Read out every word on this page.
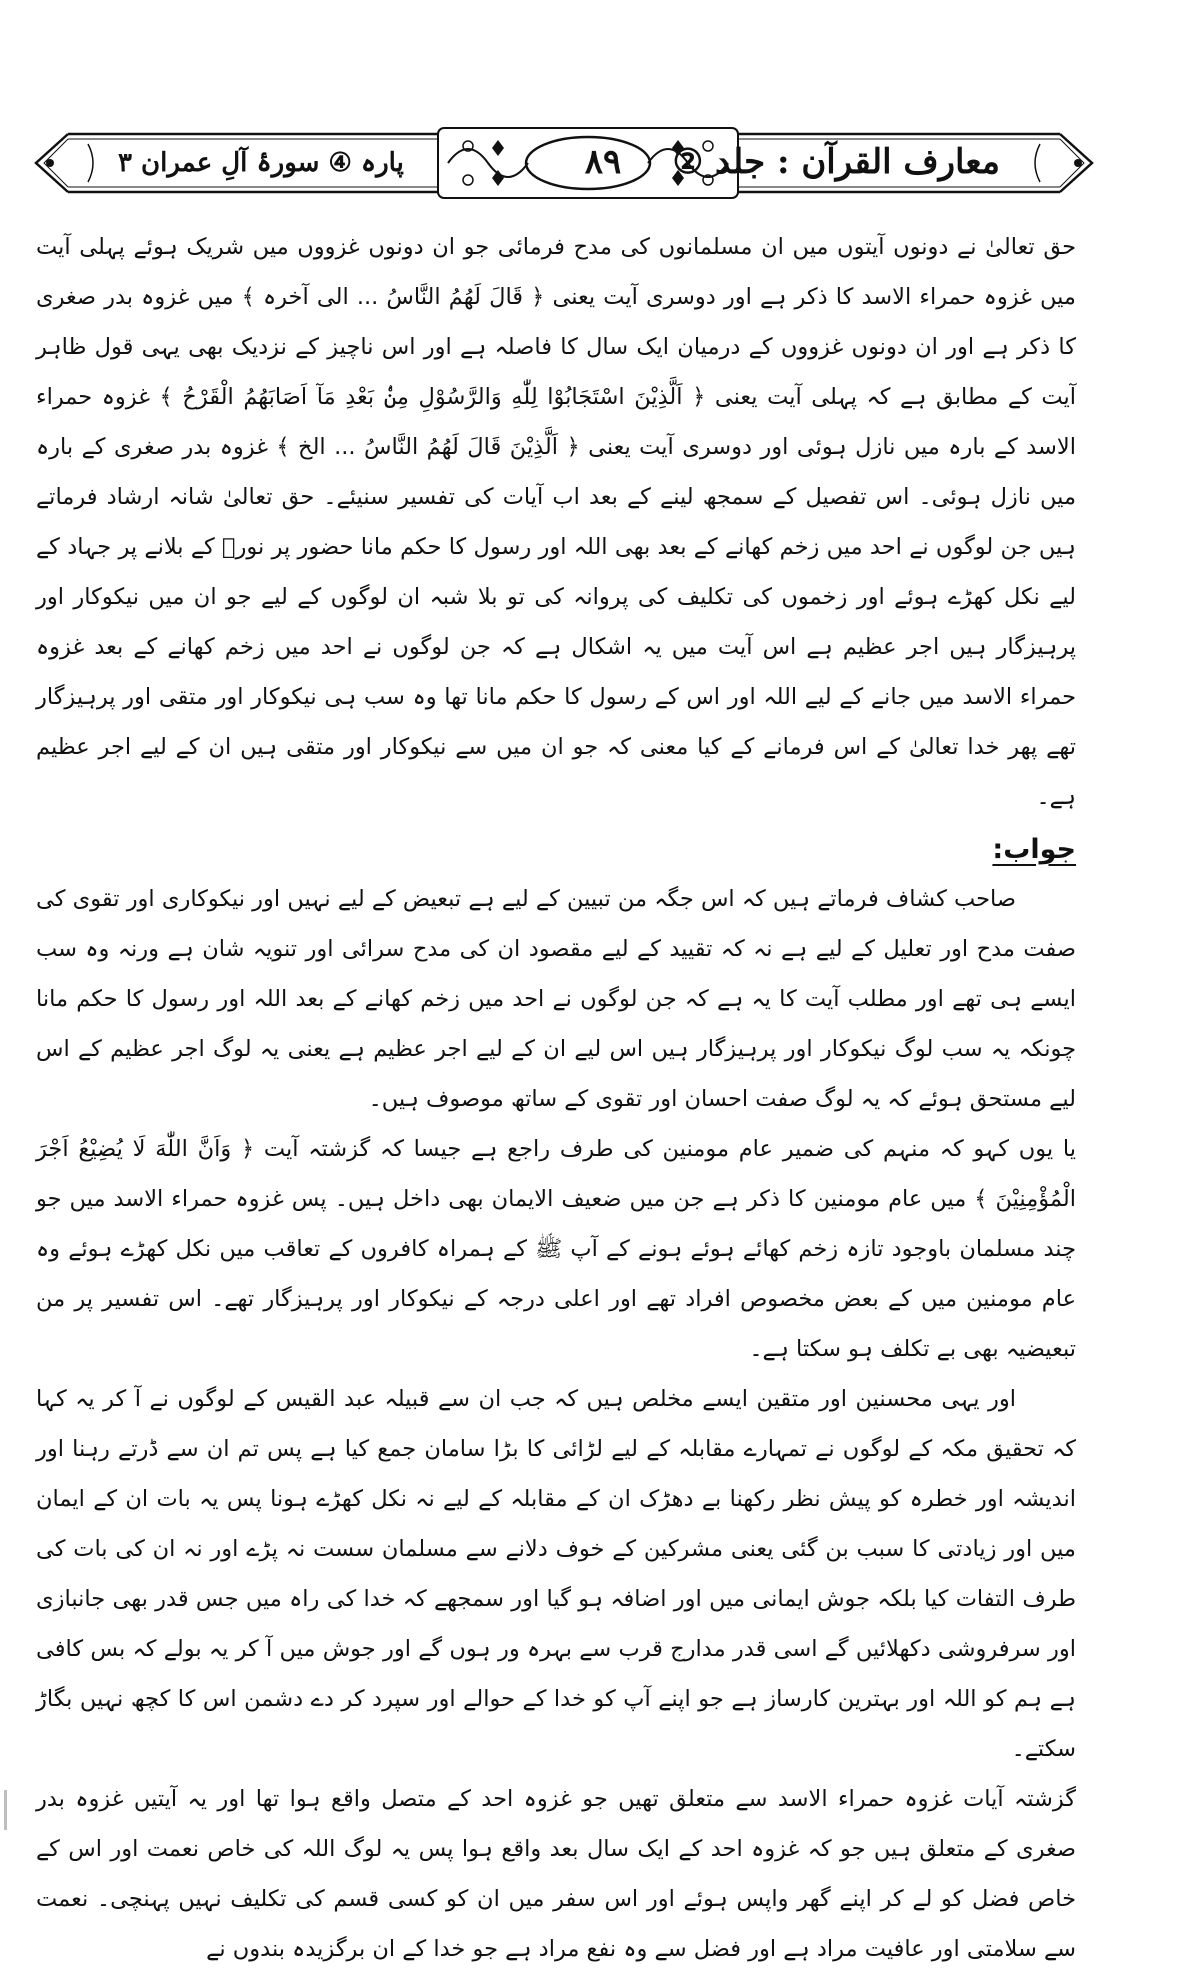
معارف القرآن : جلد ②
٨٩
پارہ ④ سورۂ آلِ عمران ٣

حق تعالیٰ نے دونوں آیتوں میں ان مسلمانوں کی مدح فرمائی جو ان دونوں غزووں میں شریک ہوئے پہلی آیت میں غزوہ حمراء الاسد کا ذکر ہے اور دوسری آیت یعنی ﴿ قَالَ لَهُمُ النَّاسُ ... الی آخرہ ﴾ میں غزوہ بدر صغری کا ذکر ہے اور ان دونوں غزووں کے درمیان ایک سال کا فاصلہ ہے اور اس ناچیز کے نزدیک بھی یہی قول ظاہر آیت کے مطابق ہے کہ پہلی آیت یعنی ﴿ اَلَّذِيْنَ اسْتَجَابُوْا لِلّٰهِ وَالرَّسُوْلِ مِنْۢ بَعْدِ مَآ اَصَابَهُمُ الْقَرْحُ ﴾ غزوہ حمراء الاسد کے بارہ میں نازل ہوئی اور دوسری آیت یعنی ﴿ اَلَّذِيْنَ قَالَ لَهُمُ النَّاسُ ... الخ ﴾ غزوہ بدر صغری کے بارہ میں نازل ہوئی۔ اس تفصیل کے سمجھ لینے کے بعد اب آیات کی تفسیر سنیئے۔ حق تعالیٰ شانہ ارشاد فرماتے ہیں جن لوگوں نے احد میں زخم کھانے کے بعد بھی اللہ اور رسول کا حکم مانا حضور پر نورؐ کے بلانے پر جہاد کے لیے نکل کھڑے ہوئے اور زخموں کی تکلیف کی پروانہ کی تو بلا شبہ ان لوگوں کے لیے جو ان میں نیکوکار اور پرہیزگار ہیں اجر عظیم ہے اس آیت میں یہ اشکال ہے کہ جن لوگوں نے احد میں زخم کھانے کے بعد غزوہ حمراء الاسد میں جانے کے لیے اللہ اور اس کے رسول کا حکم مانا تھا وہ سب ہی نیکوکار اور متقی اور پرہیزگار تھے پھر خدا تعالیٰ کے اس فرمانے کے کیا معنی کہ جو ان میں سے نیکوکار اور متقی ہیں ان کے لیے اجر عظیم ہے۔

جواب:

صاحب کشاف فرماتے ہیں کہ اس جگہ من تبیین کے لیے ہے تبعیض کے لیے نہیں اور نیکوکاری اور تقوی کی صفت مدح اور تعلیل کے لیے ہے نہ کہ تقیید کے لیے مقصود ان کی مدح سرائی اور تنویہ شان ہے ورنہ وہ سب ایسے ہی تھے اور مطلب آیت کا یہ ہے کہ جن لوگوں نے احد میں زخم کھانے کے بعد اللہ اور رسول کا حکم مانا چونکہ یہ سب لوگ نیکوکار اور پرہیزگار ہیں اس لیے ان کے لیے اجر عظیم ہے یعنی یہ لوگ اجر عظیم کے اس لیے مستحق ہوئے کہ یہ لوگ صفت احسان اور تقوی کے ساتھ موصوف ہیں۔

یا یوں کہو کہ منہم کی ضمیر عام مومنین کی طرف راجع ہے جیسا کہ گزشتہ آیت ﴿ وَاَنَّ اللّٰهَ لَا يُضِيْعُ اَجْرَ الْمُؤْمِنِيْنَ ﴾ میں عام مومنین کا ذکر ہے جن میں ضعیف الایمان بھی داخل ہیں۔ پس غزوہ حمراء الاسد میں جو چند مسلمان باوجود تازہ زخم کھائے ہوئے ہونے کے آپ ﷺ کے ہمراہ کافروں کے تعاقب میں نکل کھڑے ہوئے وہ عام مومنین میں کے بعض مخصوص افراد تھے اور اعلی درجہ کے نیکوکار اور پرہیزگار تھے۔ اس تفسیر پر من تبعیضیہ بھی بے تکلف ہو سکتا ہے۔

اور یہی محسنین اور متقین ایسے مخلص ہیں کہ جب ان سے قبیلہ عبد القیس کے لوگوں نے آ کر یہ کہا کہ تحقیق مکہ کے لوگوں نے تمہارے مقابلہ کے لیے لڑائی کا بڑا سامان جمع کیا ہے پس تم ان سے ڈرتے رہنا اور اندیشہ اور خطرہ کو پیش نظر رکھنا بے دھڑک ان کے مقابلہ کے لیے نہ نکل کھڑے ہونا پس یہ بات ان کے ایمان میں اور زیادتی کا سبب بن گئی یعنی مشرکین کے خوف دلانے سے مسلمان سست نہ پڑے اور نہ ان کی بات کی طرف التفات کیا بلکہ جوش ایمانی میں اور اضافہ ہو گیا اور سمجھے کہ خدا کی راہ میں جس قدر بھی جانبازی اور سرفروشی دکھلائیں گے اسی قدر مدارج قرب سے بہرہ ور ہوں گے اور جوش میں آ کر یہ بولے کہ بس کافی ہے ہم کو اللہ اور بہترین کارساز ہے جو اپنے آپ کو خدا کے حوالے اور سپرد کر دے دشمن اس کا کچھ نہیں بگاڑ سکتے۔

گزشتہ آیات غزوہ حمراء الاسد سے متعلق تھیں جو غزوہ احد کے متصل واقع ہوا تھا اور یہ آیتیں غزوہ بدر صغری کے متعلق ہیں جو کہ غزوہ احد کے ایک سال بعد واقع ہوا پس یہ لوگ اللہ کی خاص نعمت اور اس کے خاص فضل کو لے کر اپنے گھر واپس ہوئے اور اس سفر میں ان کو کسی قسم کی تکلیف نہیں پہنچی۔ نعمت سے سلامتی اور عافیت مراد ہے اور فضل سے وہ نفع مراد ہے جو خدا کے ان برگزیدہ بندوں نے
